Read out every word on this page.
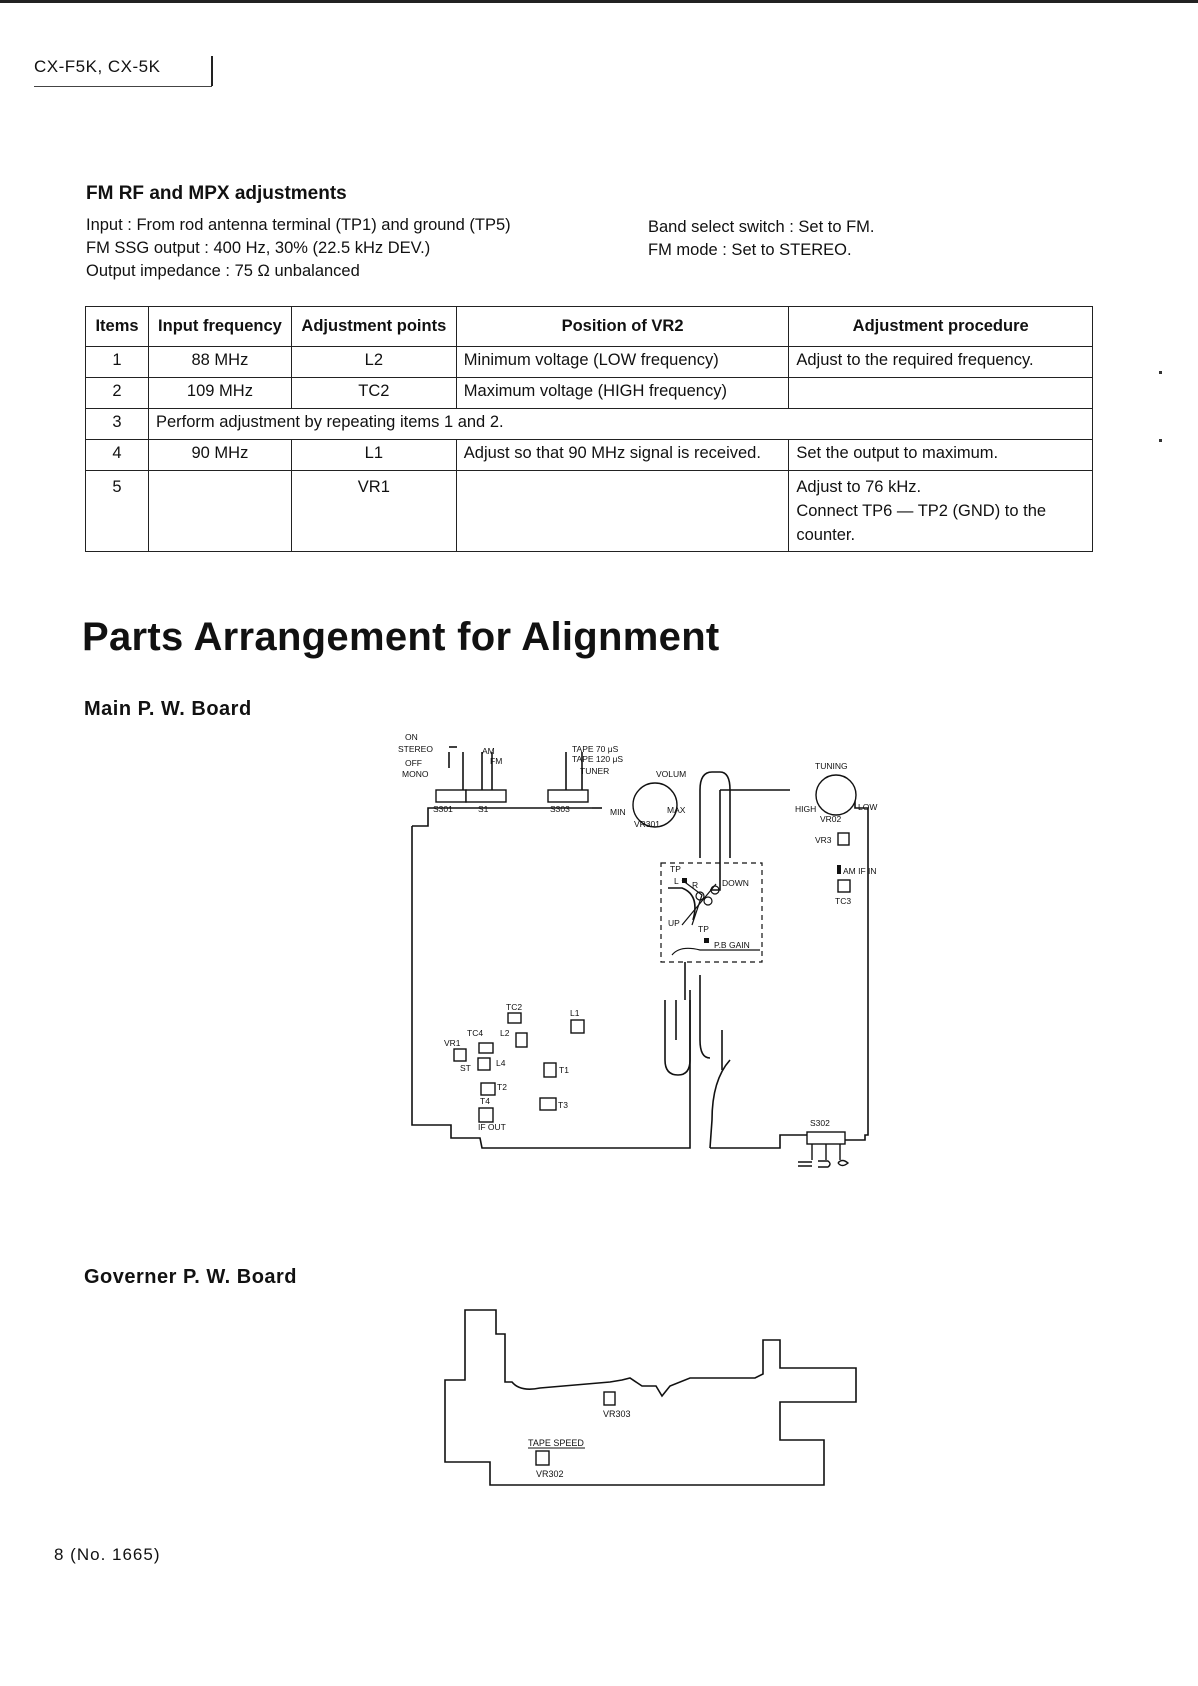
CX-F5K, CX-5K
FM RF and MPX adjustments
Input : From rod antenna terminal (TP1) and ground (TP5)
FM SSG output : 400 Hz, 30% (22.5 kHz DEV.)
Output impedance : 75 Ω unbalanced
Band select switch : Set to FM.
FM mode : Set to STEREO.
Items	Input frequency	Adjustment points	Position of VR2	Adjustment procedure
1	88 MHz	L2	Minimum voltage (LOW frequency)	Adjust to the required frequency.
2	109 MHz	TC2	Maximum voltage (HIGH frequency)	
3	Perform adjustment by repeating items 1 and 2.			
4	90 MHz	L1	Adjust so that 90 MHz signal is received.	Set the output to maximum.
5		VR1		Adjust to 76 kHz.
Connect TP6 — TP2 (GND) to the
counter.
Parts Arrangement for Alignment
Main P. W. Board
ON
STEREO
OFF
MONO
AM
FM
TAPE 70 μS
TAPE 120 μS
TUNER	VOLUM
TUNING
S301	S1	S303	MIN	MAX
VR301
HIGH	LOW
VR02
VR3
AM IF IN
TC3
TP
L R	DOWN
UP
TP
P.B GAIN
TC2
L1
TC4 L2
VR1
ST	L4
T1
T2
T4	T3
IF OUT	S302
Governer P. W. Board
VR303
TAPE SPEED
VR302
8 (No. 1665)
